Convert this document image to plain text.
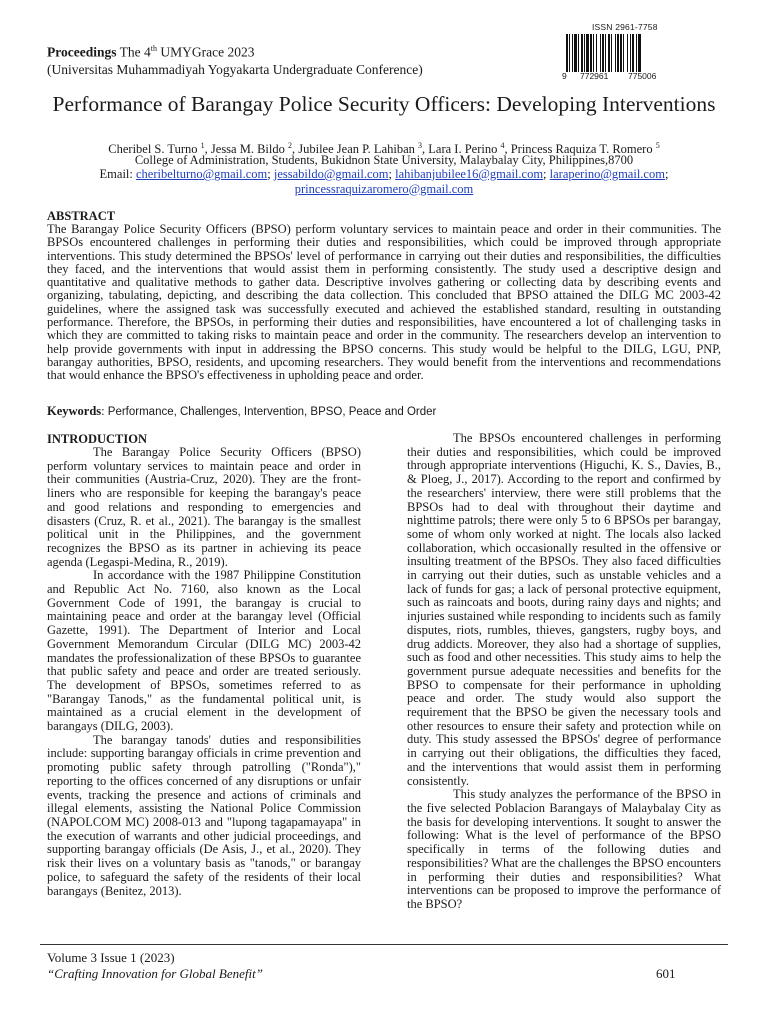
Proceedings The 4th UMYGrace 2023
(Universitas Muhammadiyah Yogyakarta Undergraduate Conference)
ISSN 2961-7758
9 772961 775006
Performance of Barangay Police Security Officers: Developing Interventions
Cheribel S. Turno $^1$, Jessa M. Bildo $^2$, Jubilee Jean P. Lahiban $^3$, Lara I. Perino $^4$, Princess Raquiza T. Romero $^5$
College of Administration, Students, Bukidnon State University, Malaybalay City, Philippines,8700
Email: cheribelturno@gmail.com; jessabildo@gmail.com; lahibanjubilee16@gmail.com; laraperino@gmail.com; princessraquizaromero@gmail.com
ABSTRACT
The Barangay Police Security Officers (BPSO) perform voluntary services to maintain peace and order in their communities. The BPSOs encountered challenges in performing their duties and responsibilities, which could be improved through appropriate interventions. This study determined the BPSOs' level of performance in carrying out their duties and responsibilities, the difficulties they faced, and the interventions that would assist them in performing consistently. The study used a descriptive design and quantitative and qualitative methods to gather data. Descriptive involves gathering or collecting data by describing events and organizing, tabulating, depicting, and describing the data collection. This concluded that BPSO attained the DILG MC 2003-42 guidelines, where the assigned task was successfully executed and achieved the established standard, resulting in outstanding performance. Therefore, the BPSOs, in performing their duties and responsibilities, have encountered a lot of challenging tasks in which they are committed to taking risks to maintain peace and order in the community. The researchers develop an intervention to help provide governments with input in addressing the BPSO concerns. This study would be helpful to the DILG, LGU, PNP, barangay authorities, BPSO, residents, and upcoming researchers. They would benefit from the interventions and recommendations that would enhance the BPSO's effectiveness in upholding peace and order.
Keywords: Performance, Challenges, Intervention, BPSO, Peace and Order
INTRODUCTION

The Barangay Police Security Officers (BPSO) perform voluntary services to maintain peace and order in their communities (Austria-Cruz, 2020). They are the front-liners who are responsible for keeping the barangay's peace and good relations and responding to emergencies and disasters (Cruz, R. et al., 2021). The barangay is the smallest political unit in the Philippines, and the government recognizes the BPSO as its partner in achieving its peace agenda (Legaspi-Medina, R., 2019).

In accordance with the 1987 Philippine Constitution and Republic Act No. 7160, also known as the Local Government Code of 1991, the barangay is crucial to maintaining peace and order at the barangay level (Official Gazette, 1991). The Department of Interior and Local Government Memorandum Circular (DILG MC) 2003-42 mandates the professionalization of these BPSOs to guarantee that public safety and peace and order are treated seriously. The development of BPSOs, sometimes referred to as "Barangay Tanods," as the fundamental political unit, is maintained as a crucial element in the development of barangays (DILG, 2003).

The barangay tanods' duties and responsibilities include: supporting barangay officials in crime prevention and promoting public safety through patrolling ("Ronda")," reporting to the offices concerned of any disruptions or unfair events, tracking the presence and actions of criminals and illegal elements, assisting the National Police Commission (NAPOLCOM MC) 2008-013 and "lupong tagapamayapa" in the execution of warrants and other judicial proceedings, and supporting barangay officials (De Asis, J., et al., 2020). They risk their lives on a voluntary basis as "tanods," or barangay police, to safeguard the safety of the residents of their local barangays (Benitez, 2013).

The BPSOs encountered challenges in performing their duties and responsibilities, which could be improved through appropriate interventions (Higuchi, K. S., Davies, B., & Ploeg, J., 2017). According to the report and confirmed by the researchers' interview, there were still problems that the BPSOs had to deal with throughout their daytime and nighttime patrols; there were only 5 to 6 BPSOs per barangay, some of whom only worked at night. The locals also lacked collaboration, which occasionally resulted in the offensive or insulting treatment of the BPSOs. They also faced difficulties in carrying out their duties, such as unstable vehicles and a lack of funds for gas; a lack of personal protective equipment, such as raincoats and boots, during rainy days and nights; and injuries sustained while responding to incidents such as family disputes, riots, rumbles, thieves, gangsters, rugby boys, and drug addicts. Moreover, they also had a shortage of supplies, such as food and other necessities. This study aims to help the government pursue adequate necessities and benefits for the BPSO to compensate for their performance in upholding peace and order. The study would also support the requirement that the BPSO be given the necessary tools and other resources to ensure their safety and protection while on duty. This study assessed the BPSOs' degree of performance in carrying out their obligations, the difficulties they faced, and the interventions that would assist them in performing consistently.

This study analyzes the performance of the BPSO in the five selected Poblacion Barangays of Malaybalay City as the basis for developing interventions. It sought to answer the following: What is the level of performance of the BPSO specifically in terms of the following duties and responsibilities? What are the challenges the BPSO encounters in performing their duties and responsibilities? What interventions can be proposed to improve the performance of the BPSO?

Volume 3 Issue 1 (2023)
“Crafting Innovation for Global Benefit”	601
